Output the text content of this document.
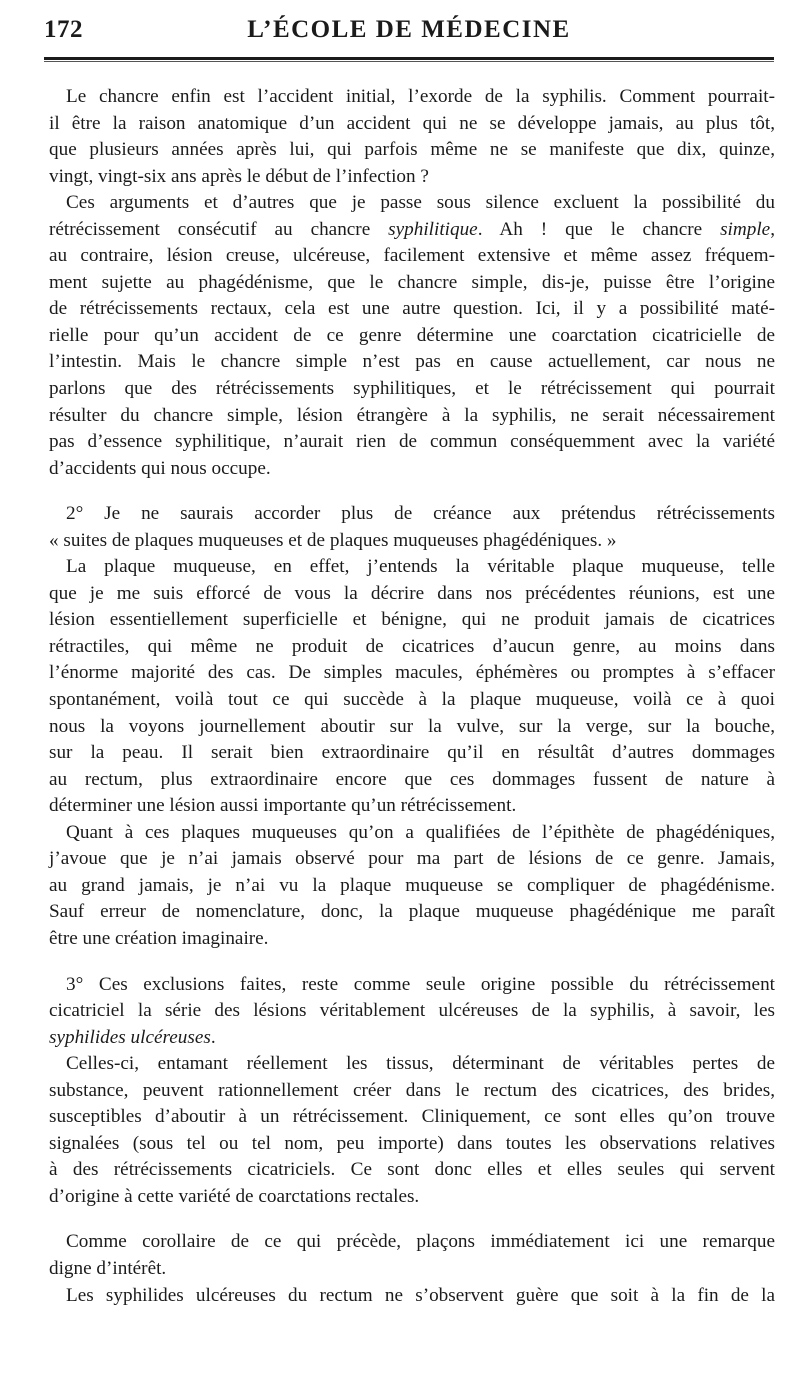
172	L’ÉCOLE DE MÉDECINE
Le chancre enfin est l’accident initial, l’exorde de la syphilis. Comment pourrait-
il être la raison anatomique d’un accident qui ne se développe jamais, au plus tôt,
que plusieurs années après lui, qui parfois même ne se manifeste que dix, quinze,
vingt, vingt-six ans après le début de l’infection ?
Ces arguments et d’autres que je passe sous silence excluent la possibilité du
rétrécissement consécutif au chancre syphilitique. Ah ! que le chancre simple,
au contraire, lésion creuse, ulcéreuse, facilement extensive et même assez fréquem-
ment sujette au phagédénisme, que le chancre simple, dis-je, puisse être l’origine
de rétrécissements rectaux, cela est une autre question. Ici, il y a possibilité maté-
rielle pour qu’un accident de ce genre détermine une coarctation cicatricielle de
l’intestin. Mais le chancre simple n’est pas en cause actuellement, car nous ne
parlons que des rétrécissements syphilitiques, et le rétrécissement qui pourrait
résulter du chancre simple, lésion étrangère à la syphilis, ne serait nécessairement
pas d’essence syphilitique, n’aurait rien de commun conséquemment avec la variété
d’accidents qui nous occupe.
2° Je ne saurais accorder plus de créance aux prétendus rétrécissements
« suites de plaques muqueuses et de plaques muqueuses phagédéniques. »
La plaque muqueuse, en effet, j’entends la véritable plaque muqueuse, telle
que je me suis efforcé de vous la décrire dans nos précédentes réunions, est une
lésion essentiellement superficielle et bénigne, qui ne produit jamais de cicatrices
rétractiles, qui même ne produit de cicatrices d’aucun genre, au moins dans
l’énorme majorité des cas. De simples macules, éphémères ou promptes à s’effacer
spontanément, voilà tout ce qui succède à la plaque muqueuse, voilà ce à quoi
nous la voyons journellement aboutir sur la vulve, sur la verge, sur la bouche,
sur la peau. Il serait bien extraordinaire qu’il en résultât d’autres dommages
au rectum, plus extraordinaire encore que ces dommages fussent de nature à
déterminer une lésion aussi importante qu’un rétrécissement.
Quant à ces plaques muqueuses qu’on a qualifiées de l’épithète de phagédéniques,
j’avoue que je n’ai jamais observé pour ma part de lésions de ce genre. Jamais,
au grand jamais, je n’ai vu la plaque muqueuse se compliquer de phagédénisme.
Sauf erreur de nomenclature, donc, la plaque muqueuse phagédénique me paraît
être une création imaginaire.
3° Ces exclusions faites, reste comme seule origine possible du rétrécissement
cicatriciel la série des lésions véritablement ulcéreuses de la syphilis, à savoir, les
syphilides ulcéreuses.
Celles-ci, entamant réellement les tissus, déterminant de véritables pertes de
substance, peuvent rationnellement créer dans le rectum des cicatrices, des brides,
susceptibles d’aboutir à un rétrécissement. Cliniquement, ce sont elles qu’on trouve
signalées (sous tel ou tel nom, peu importe) dans toutes les observations relatives
à des rétrécissements cicatriciels. Ce sont donc elles et elles seules qui servent
d’origine à cette variété de coarctations rectales.
Comme corollaire de ce qui précède, plaçons immédiatement ici une remarque
digne d’intérêt.
Les syphilides ulcéreuses du rectum ne s’observent guère que soit à la fin de la
